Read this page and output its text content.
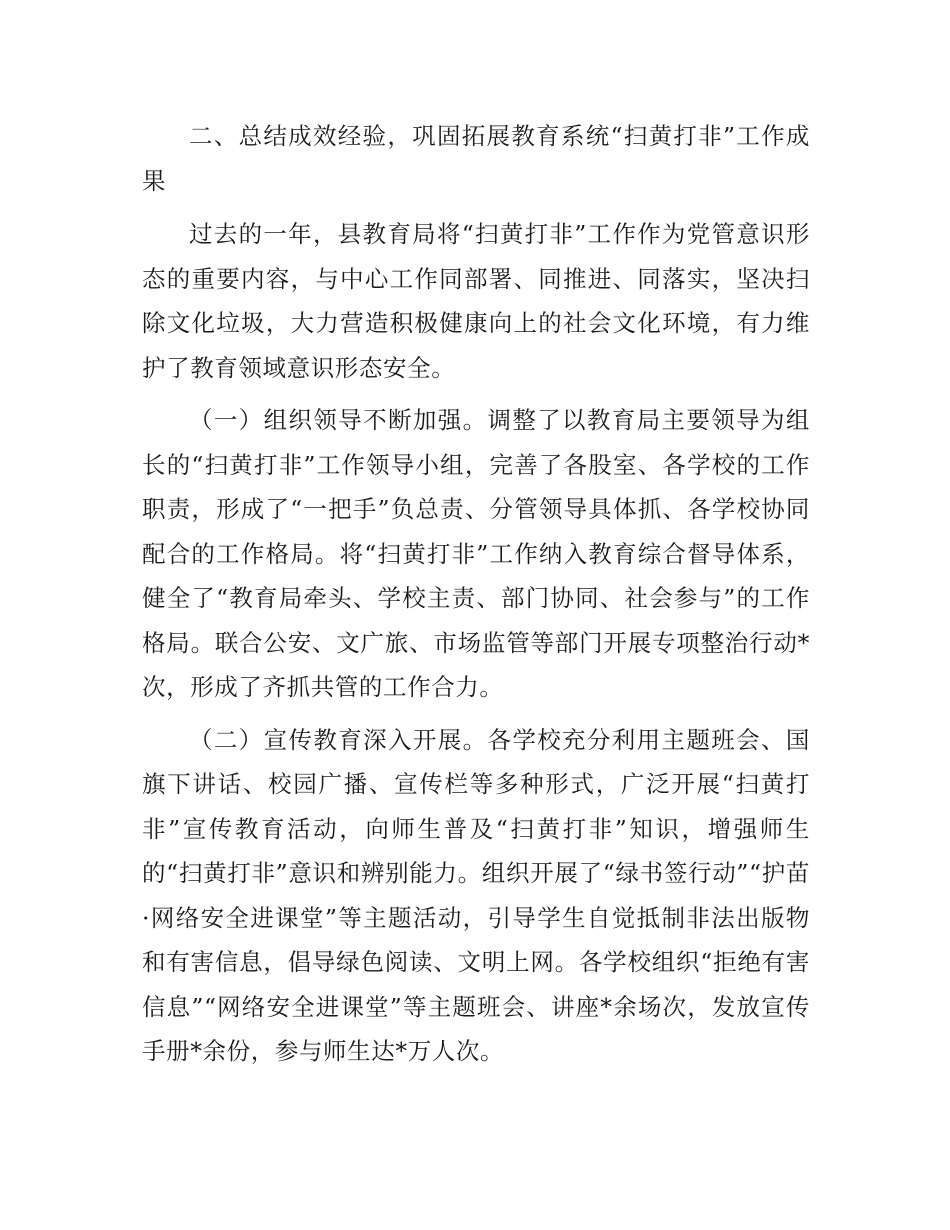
二、总结成效经验，巩固拓展教育系统“扫黄打非”工作成果

过去的一年，县教育局将“扫黄打非”工作作为党管意识形态的重要内容，与中心工作同部署、同推进、同落实，坚决扫除文化垃圾，大力营造积极健康向上的社会文化环境，有力维护了教育领域意识形态安全。

（一）组织领导不断加强。调整了以教育局主要领导为组长的“扫黄打非”工作领导小组，完善了各股室、各学校的工作职责，形成了“一把手”负总责、分管领导具体抓、各学校协同配合的工作格局。将“扫黄打非”工作纳入教育综合督导体系，健全了“教育局牵头、学校主责、部门协同、社会参与”的工作格局。联合公安、文广旅、市场监管等部门开展专项整治行动*次，形成了齐抓共管的工作合力。

（二）宣传教育深入开展。各学校充分利用主题班会、国旗下讲话、校园广播、宣传栏等多种形式，广泛开展“扫黄打非”宣传教育活动，向师生普及“扫黄打非”知识，增强师生的“扫黄打非”意识和辨别能力。组织开展了“绿书签行动”“护苗·网络安全进课堂”等主题活动，引导学生自觉抵制非法出版物和有害信息，倡导绿色阅读、文明上网。各学校组织“拒绝有害信息”“网络安全进课堂”等主题班会、讲座*余场次，发放宣传手册*余份，参与师生达*万人次。
